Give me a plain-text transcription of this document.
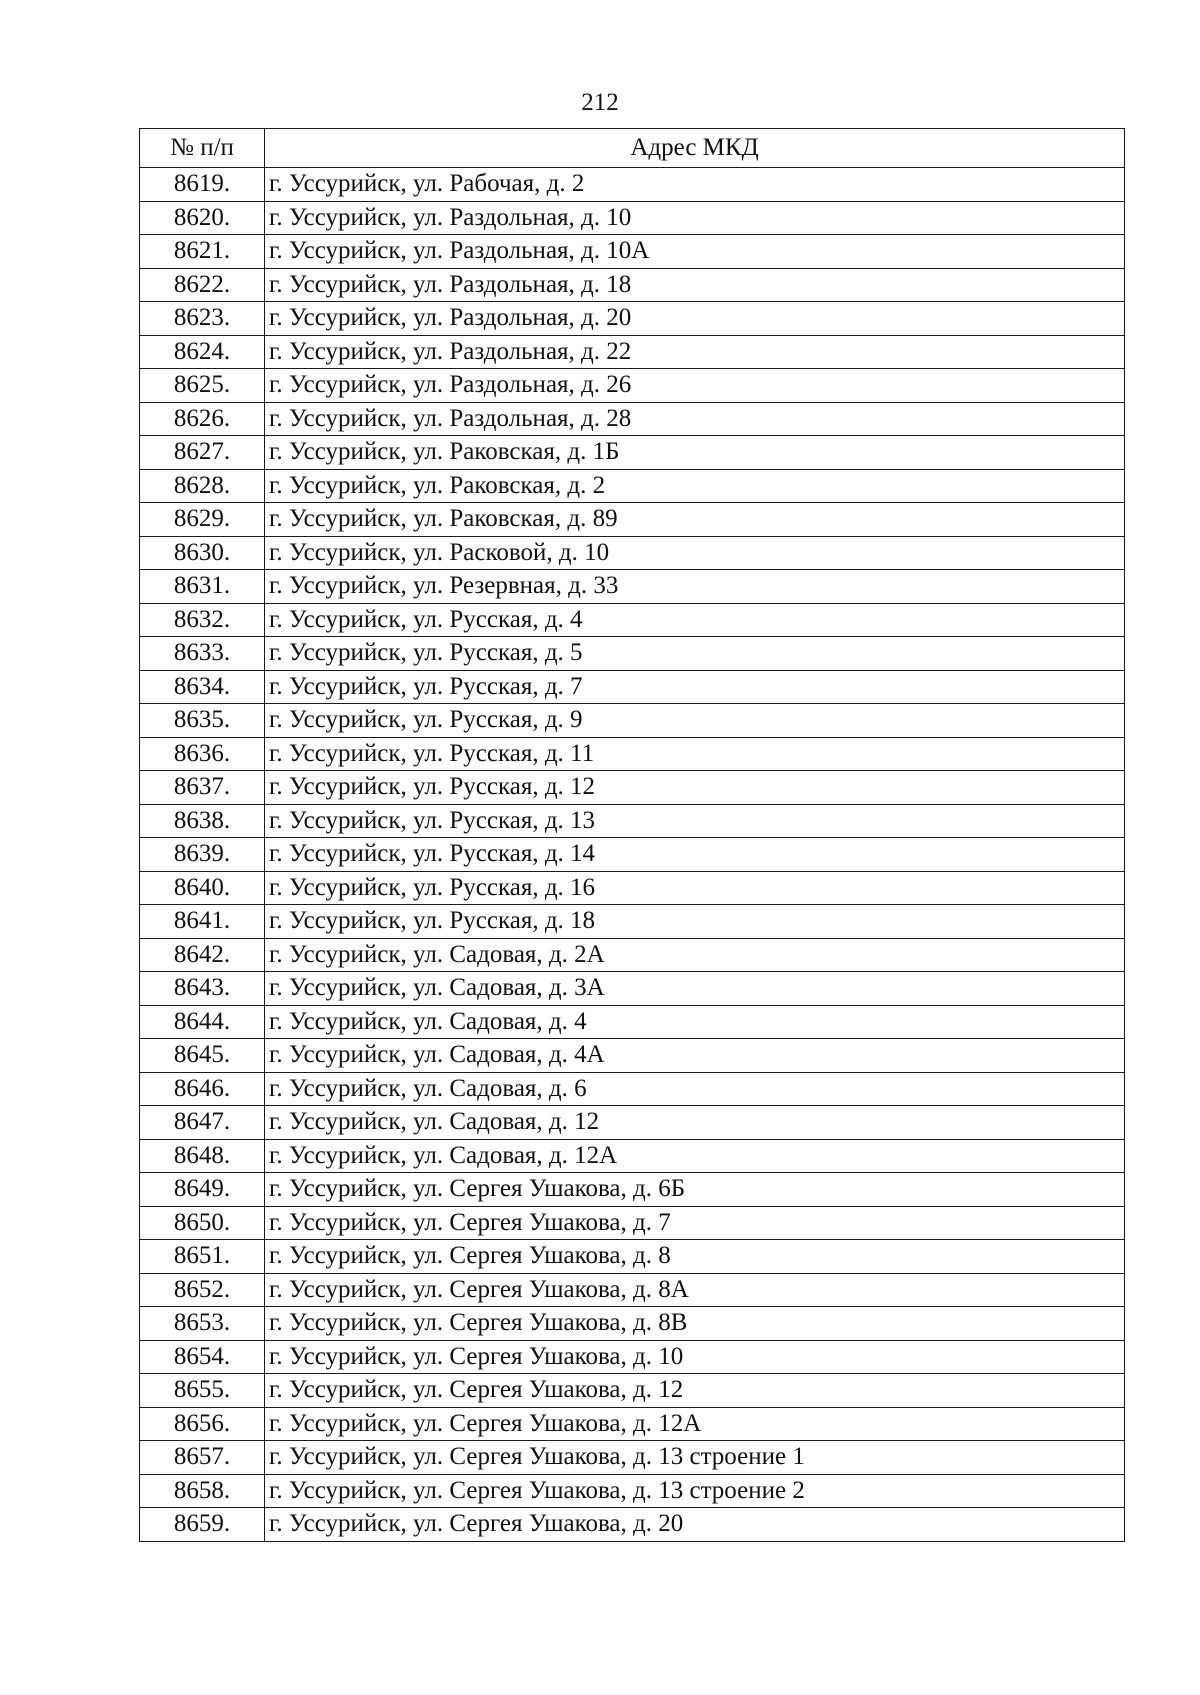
212
№ п/п	Адрес МКД
8619.	г. Уссурийск, ул. Рабочая, д. 2
8620.	г. Уссурийск, ул. Раздольная, д. 10
8621.	г. Уссурийск, ул. Раздольная, д. 10А
8622.	г. Уссурийск, ул. Раздольная, д. 18
8623.	г. Уссурийск, ул. Раздольная, д. 20
8624.	г. Уссурийск, ул. Раздольная, д. 22
8625.	г. Уссурийск, ул. Раздольная, д. 26
8626.	г. Уссурийск, ул. Раздольная, д. 28
8627.	г. Уссурийск, ул. Раковская, д. 1Б
8628.	г. Уссурийск, ул. Раковская, д. 2
8629.	г. Уссурийск, ул. Раковская, д. 89
8630.	г. Уссурийск, ул. Расковой, д. 10
8631.	г. Уссурийск, ул. Резервная, д. 33
8632.	г. Уссурийск, ул. Русская, д. 4
8633.	г. Уссурийск, ул. Русская, д. 5
8634.	г. Уссурийск, ул. Русская, д. 7
8635.	г. Уссурийск, ул. Русская, д. 9
8636.	г. Уссурийск, ул. Русская, д. 11
8637.	г. Уссурийск, ул. Русская, д. 12
8638.	г. Уссурийск, ул. Русская, д. 13
8639.	г. Уссурийск, ул. Русская, д. 14
8640.	г. Уссурийск, ул. Русская, д. 16
8641.	г. Уссурийск, ул. Русская, д. 18
8642.	г. Уссурийск, ул. Садовая, д. 2А
8643.	г. Уссурийск, ул. Садовая, д. 3А
8644.	г. Уссурийск, ул. Садовая, д. 4
8645.	г. Уссурийск, ул. Садовая, д. 4А
8646.	г. Уссурийск, ул. Садовая, д. 6
8647.	г. Уссурийск, ул. Садовая, д. 12
8648.	г. Уссурийск, ул. Садовая, д. 12А
8649.	г. Уссурийск, ул. Сергея Ушакова, д. 6Б
8650.	г. Уссурийск, ул. Сергея Ушакова, д. 7
8651.	г. Уссурийск, ул. Сергея Ушакова, д. 8
8652.	г. Уссурийск, ул. Сергея Ушакова, д. 8А
8653.	г. Уссурийск, ул. Сергея Ушакова, д. 8В
8654.	г. Уссурийск, ул. Сергея Ушакова, д. 10
8655.	г. Уссурийск, ул. Сергея Ушакова, д. 12
8656.	г. Уссурийск, ул. Сергея Ушакова, д. 12А
8657.	г. Уссурийск, ул. Сергея Ушакова, д. 13 строение 1
8658.	г. Уссурийск, ул. Сергея Ушакова, д. 13 строение 2
8659.	г. Уссурийск, ул. Сергея Ушакова, д. 20
